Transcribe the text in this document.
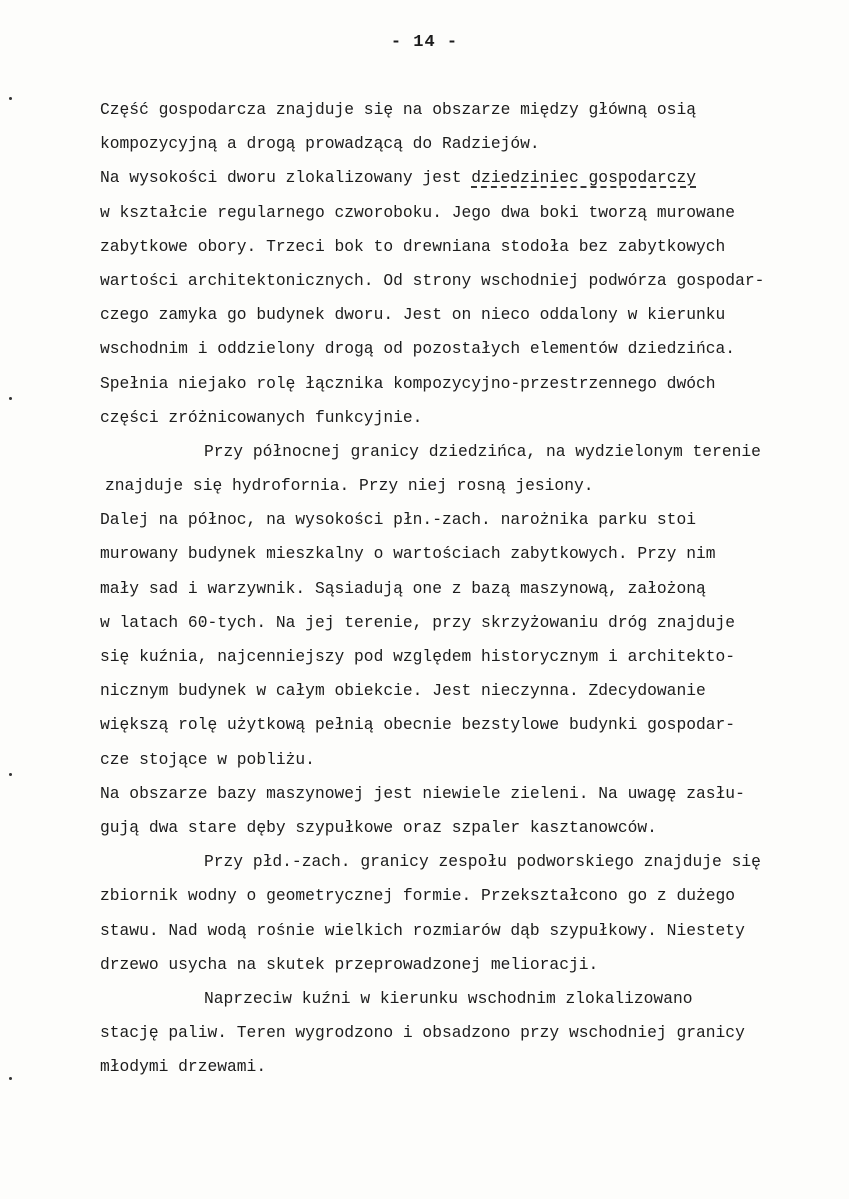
- 14 -
Część gospodarcza znajduje się na obszarze między główną osią
kompozycyjną a drogą prowadzącą do Radziejów.
Na wysokości dworu zlokalizowany jest dziedziniec gospodarczy
w kształcie regularnego czworoboku. Jego dwa boki tworzą murowane
zabytkowe obory. Trzeci bok to drewniana stodoła bez zabytkowych
wartości architektonicznych. Od strony wschodniej podwórza gospodar-
czego zamyka go budynek dworu. Jest on nieco oddalony w kierunku
wschodnim i oddzielony drogą od pozostałych elementów dziedzińca.
Spełnia niejako rolę łącznika kompozycyjno-przestrzennego dwóch
części zróżnicowanych funkcyjnie.
Przy północnej granicy dziedzińca, na wydzielonym terenie
znajduje się hydrofornia. Przy niej rosną jesiony.
Dalej na północ, na wysokości płn.-zach. narożnika parku stoi
murowany budynek mieszkalny o wartościach zabytkowych. Przy nim
mały sad i warzywnik. Sąsiadują one z bazą maszynową, założoną
w latach 60-tych. Na jej terenie, przy skrzyżowaniu dróg znajduje
się kuźnia, najcenniejszy pod względem historycznym i architekto-
nicznym budynek w całym obiekcie. Jest nieczynna. Zdecydowanie
większą rolę użytkową pełnią obecnie bezstylowe budynki gospodar-
cze stojące w pobliżu.
Na obszarze bazy maszynowej jest niewiele zieleni. Na uwagę zasłu-
gują dwa stare dęby szypułkowe oraz szpaler kasztanowców.
Przy płd.-zach. granicy zespołu podworskiego znajduje się
zbiornik wodny o geometrycznej formie. Przekształcono go z dużego
stawu. Nad wodą rośnie wielkich rozmiarów dąb szypułkowy. Niestety
drzewo usycha na skutek przeprowadzonej melioracji.
Naprzeciw kuźni w kierunku wschodnim zlokalizowano
stację paliw. Teren wygrodzono i obsadzono przy wschodniej granicy
młodymi drzewami.
